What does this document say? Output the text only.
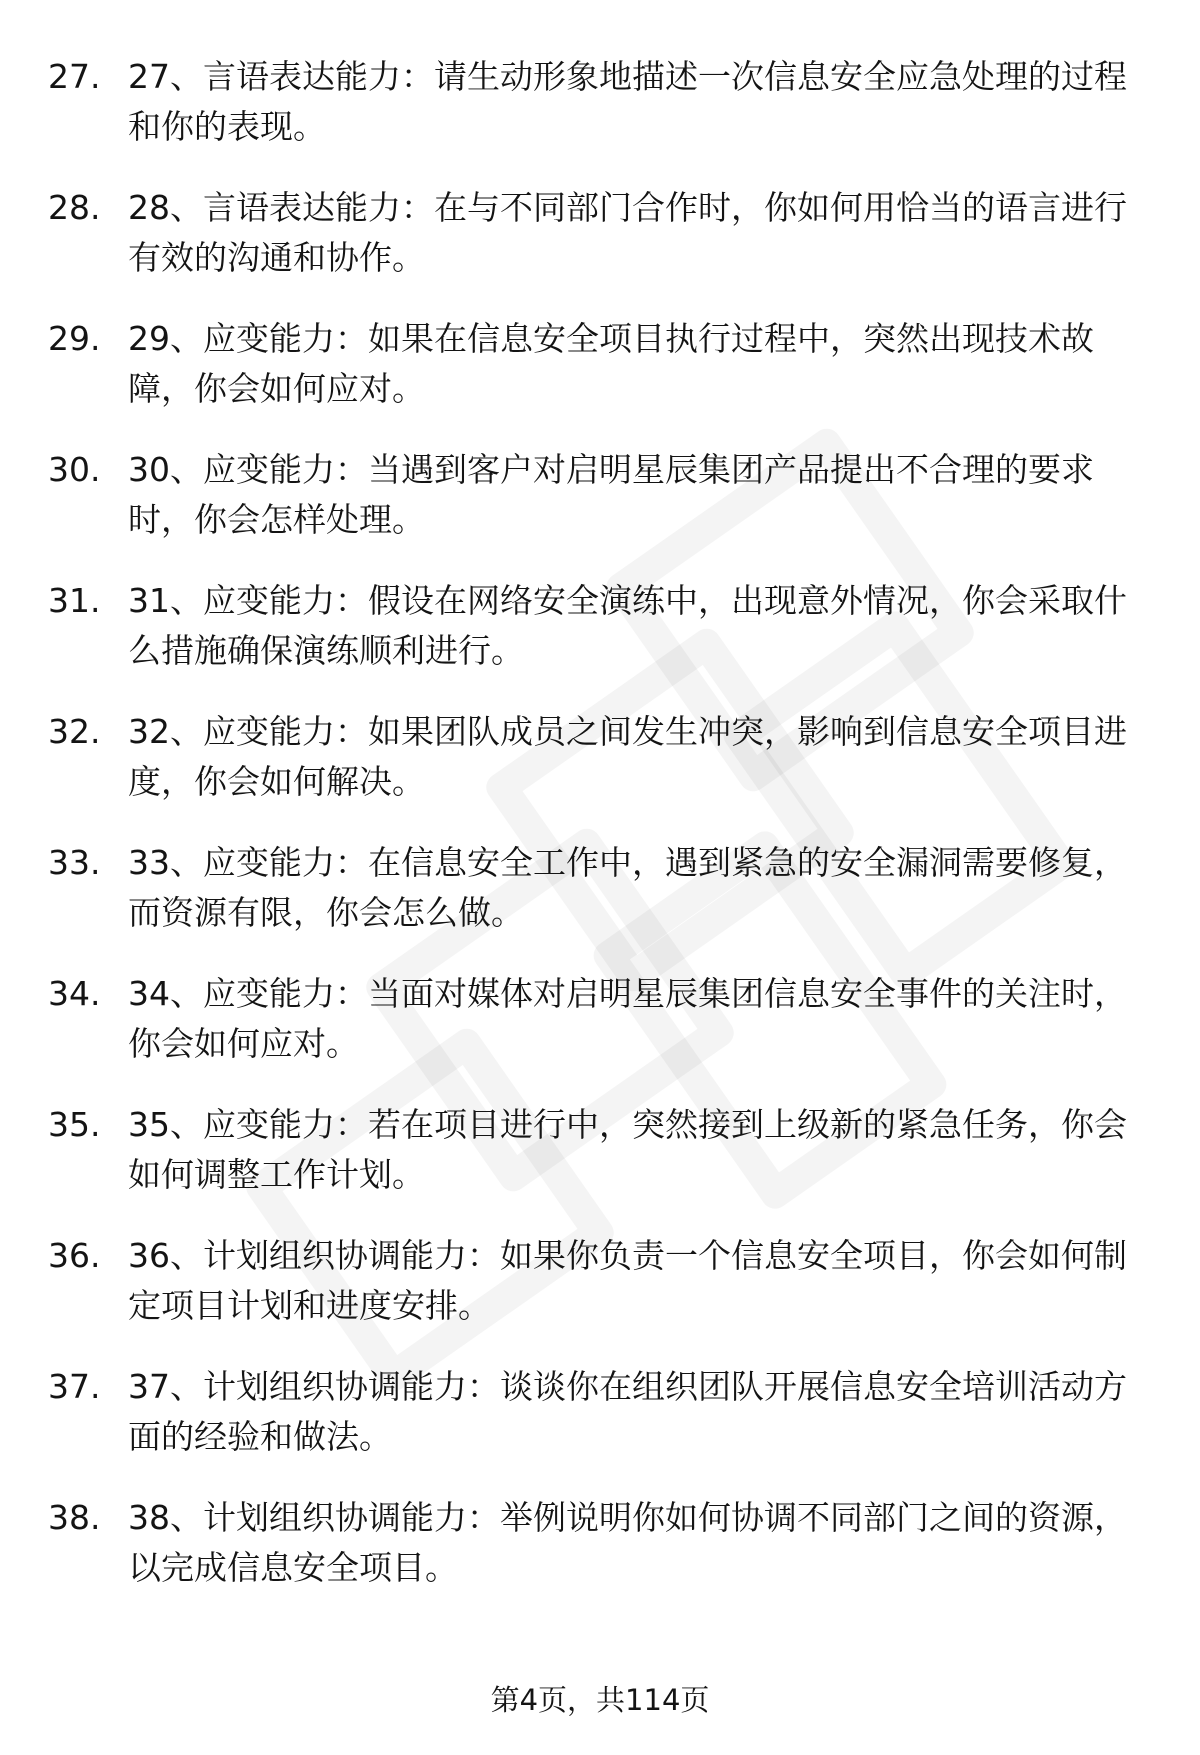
27. 27、言语表达能力：请生动形象地描述一次信息安全应急处理的过程和你的表现。
28. 28、言语表达能力：在与不同部门合作时，你如何用恰当的语言进行有效的沟通和协作。
29. 29、应变能力：如果在信息安全项目执行过程中，突然出现技术故障，你会如何应对。
30. 30、应变能力：当遇到客户对启明星辰集团产品提出不合理的要求时，你会怎样处理。
31. 31、应变能力：假设在网络安全演练中，出现意外情况，你会采取什么措施确保演练顺利进行。
32. 32、应变能力：如果团队成员之间发生冲突，影响到信息安全项目进度，你会如何解决。
33. 33、应变能力：在信息安全工作中，遇到紧急的安全漏洞需要修复，而资源有限，你会怎么做。
34. 34、应变能力：当面对媒体对启明星辰集团信息安全事件的关注时，你会如何应对。
35. 35、应变能力：若在项目进行中，突然接到上级新的紧急任务，你会如何调整工作计划。
36. 36、计划组织协调能力：如果你负责一个信息安全项目，你会如何制定项目计划和进度安排。
37. 37、计划组织协调能力：谈谈你在组织团队开展信息安全培训活动方面的经验和做法。
38. 38、计划组织协调能力：举例说明你如何协调不同部门之间的资源，以完成信息安全项目。
第4页，共114页
